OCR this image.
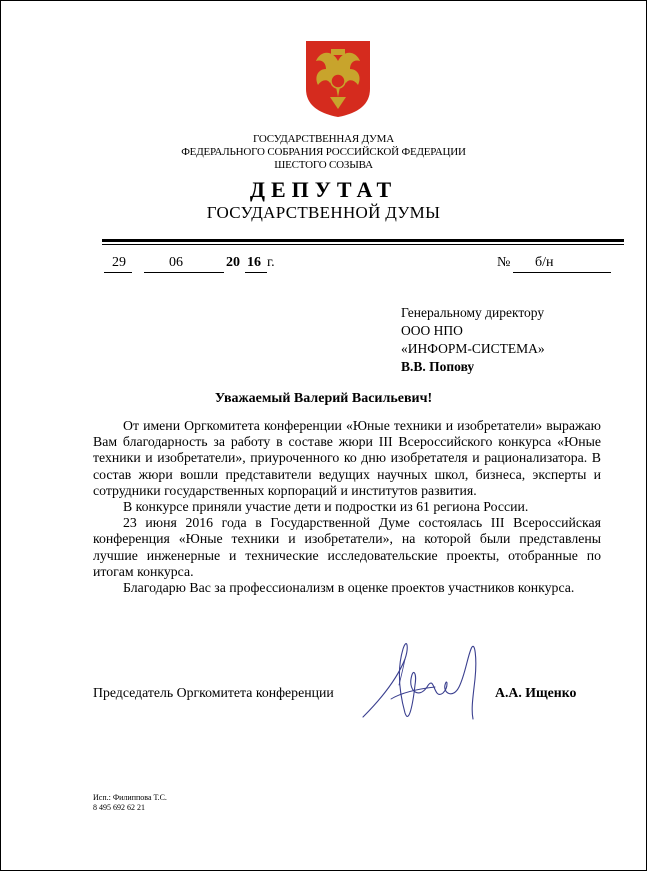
ГОСУДАРСТВЕННАЯ ДУМА
ФЕДЕРАЛЬНОГО СОБРАНИЯ РОССИЙСКОЙ ФЕДЕРАЦИИ
ШЕСТОГО СОЗЫВА
ДЕПУТАТ
ГОСУДАРСТВЕННОЙ ДУМЫ
29	06	20 16 г.	№ б/н
Генеральному директору
ООО НПО
«ИНФОРМ-СИСТЕМА»
В.В. Попову
Уважаемый Валерий Васильевич!

От имени Оргкомитета конференции «Юные техники и изобретатели» выражаю Вам благодарность за работу в составе жюри III Всероссийского конкурса «Юные техники и изобретатели», приуроченного ко дню изобретателя и рационализатора. В состав жюри вошли представители ведущих научных школ, бизнеса, эксперты и сотрудники государственных корпораций и институтов развития.

В конкурсе приняли участие дети и подростки из 61 региона России.

23 июня 2016 года в Государственной Думе состоялась III Всероссийская конференция «Юные техники и изобретатели», на которой были представлены лучшие инженерные и технические исследовательские проекты, отобранные по итогам конкурса.

Благодарю Вас за профессионализм в оценке проектов участников конкурса.

Председатель Оргкомитета конференции	А.А. Ищенко
Исп.: Филиппова Т.С.
8 495 692 62 21
